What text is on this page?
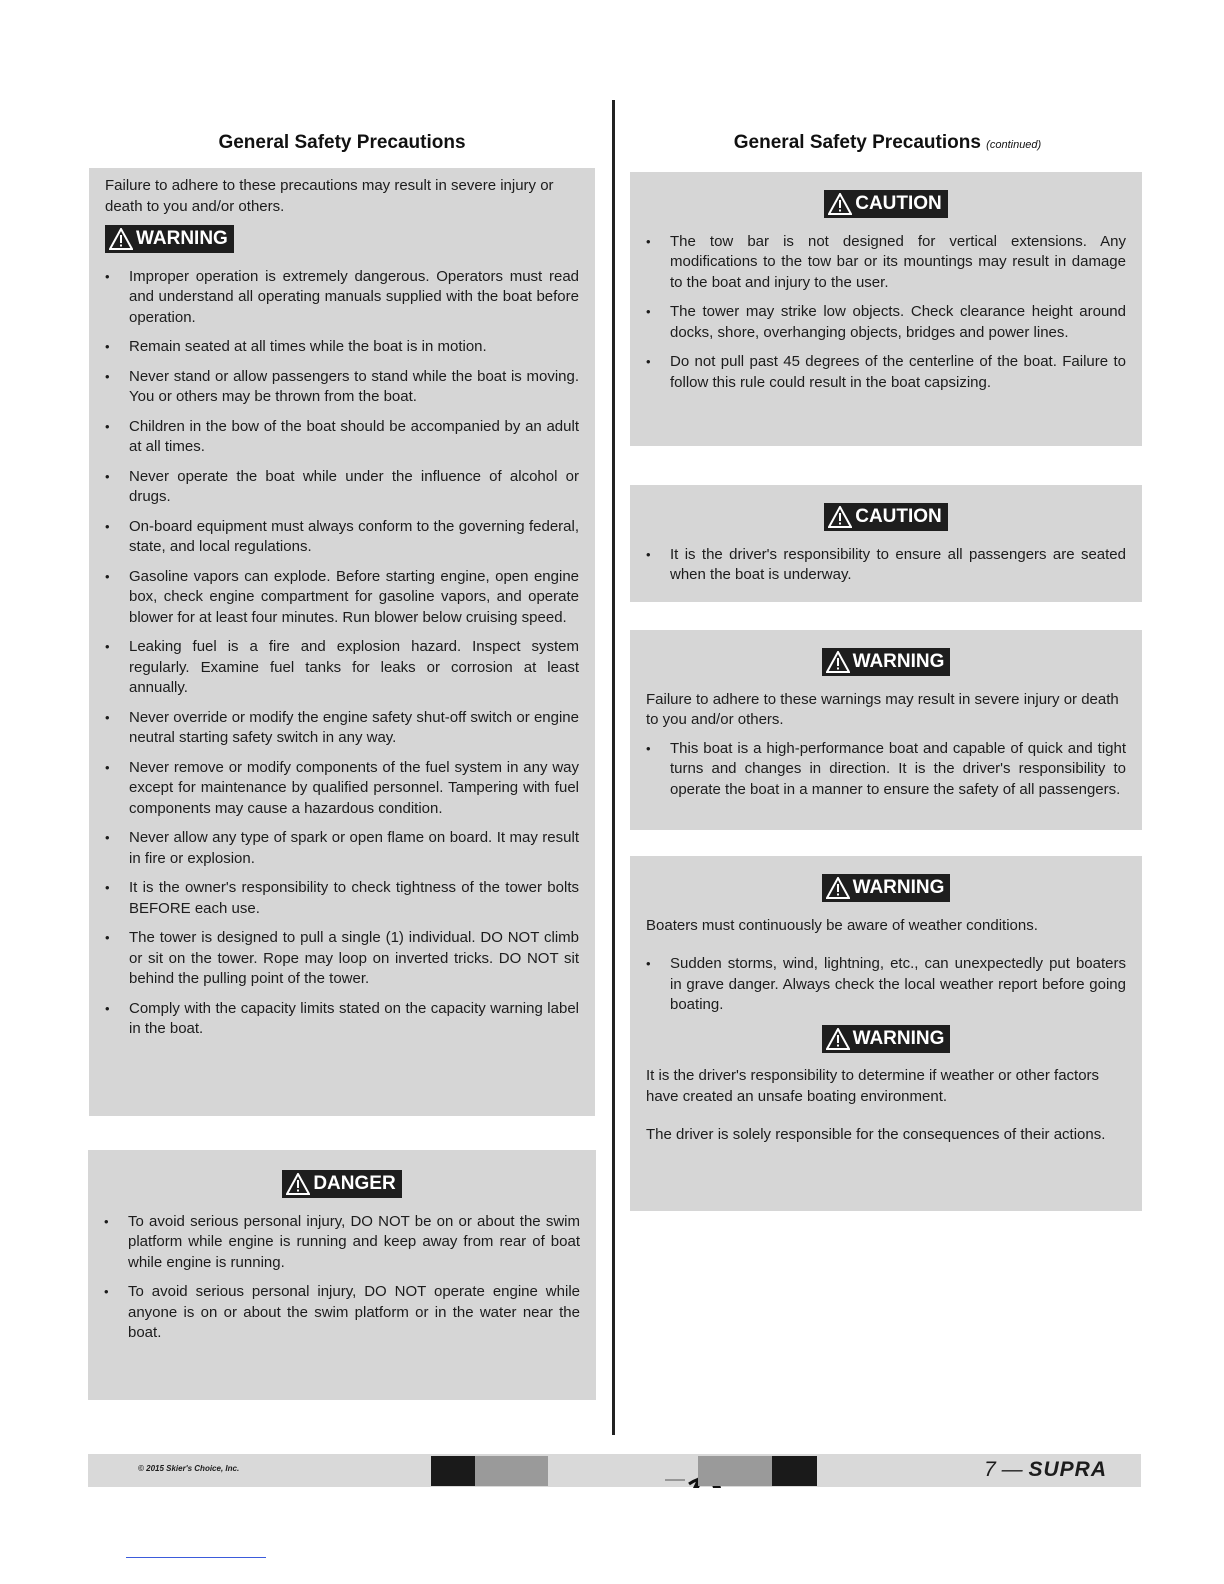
General Safety Precautions	General Safety Precautions (continued)

Failure to adhere to these precautions may result in severe injury or death to you and/or others.

WARNING
• Improper operation is extremely dangerous. Operators must read and understand all operating manuals supplied with the boat before operation.
• Remain seated at all times while the boat is in motion.
• Never stand or allow passengers to stand while the boat is moving. You or others may be thrown from the boat.
• Children in the bow of the boat should be accompanied by an adult at all times.
• Never operate the boat while under the influence of alcohol or drugs.
• On-board equipment must always conform to the governing federal, state, and local regulations.
• Gasoline vapors can explode. Before starting engine, open engine box, check engine compartment for gasoline vapors, and operate blower for at least four minutes. Run blower below cruising speed.
• Leaking fuel is a fire and explosion hazard. Inspect system regularly. Examine fuel tanks for leaks or corrosion at least annually.
• Never override or modify the engine safety shut-off switch or engine neutral starting safety switch in any way.
• Never remove or modify components of the fuel system in any way except for maintenance by qualified personnel. Tampering with fuel components may cause a hazardous condition.
• Never allow any type of spark or open flame on board. It may result in fire or explosion.
• It is the owner's responsibility to check tightness of the tower bolts BEFORE each use.
• The tower is designed to pull a single (1) individual. DO NOT climb or sit on the tower. Rope may loop on inverted tricks. DO NOT sit behind the pulling point of the tower.
• Comply with the capacity limits stated on the capacity warning label in the boat.
DANGER
• To avoid serious personal injury, DO NOT be on or about the swim platform while engine is running and keep away from rear of boat while engine is running.
• To avoid serious personal injury, DO NOT operate engine while anyone is on or about the swim platform or in the water near the boat.
CAUTION
• The tow bar is not designed for vertical extensions. Any modifications to the tow bar or its mountings may result in damage to the boat and injury to the user.
• The tower may strike low objects. Check clearance height around docks, shore, overhanging objects, bridges and power lines.
• Do not pull past 45 degrees of the centerline of the boat. Failure to follow this rule could result in the boat capsizing.
CAUTION
• It is the driver's responsibility to ensure all passengers are seated when the boat is underway.
WARNING

Failure to adhere to these warnings may result in severe injury or death to you and/or others.

• This boat is a high-performance boat and capable of quick and tight turns and changes in direction. It is the driver's responsibility to operate the boat in a manner to ensure the safety of all passengers.
WARNING

Boaters must continuously be aware of weather conditions.

• Sudden storms, wind, lightning, etc., can unexpectedly put boaters in grave danger. Always check the local weather report before going boating.
WARNING

It is the driver's responsibility to determine if weather or other factors have created an unsafe boating environment.

The driver is solely responsible for the consequences of their actions.

© 2015 Skier's Choice, Inc.	7 — SUPRA
